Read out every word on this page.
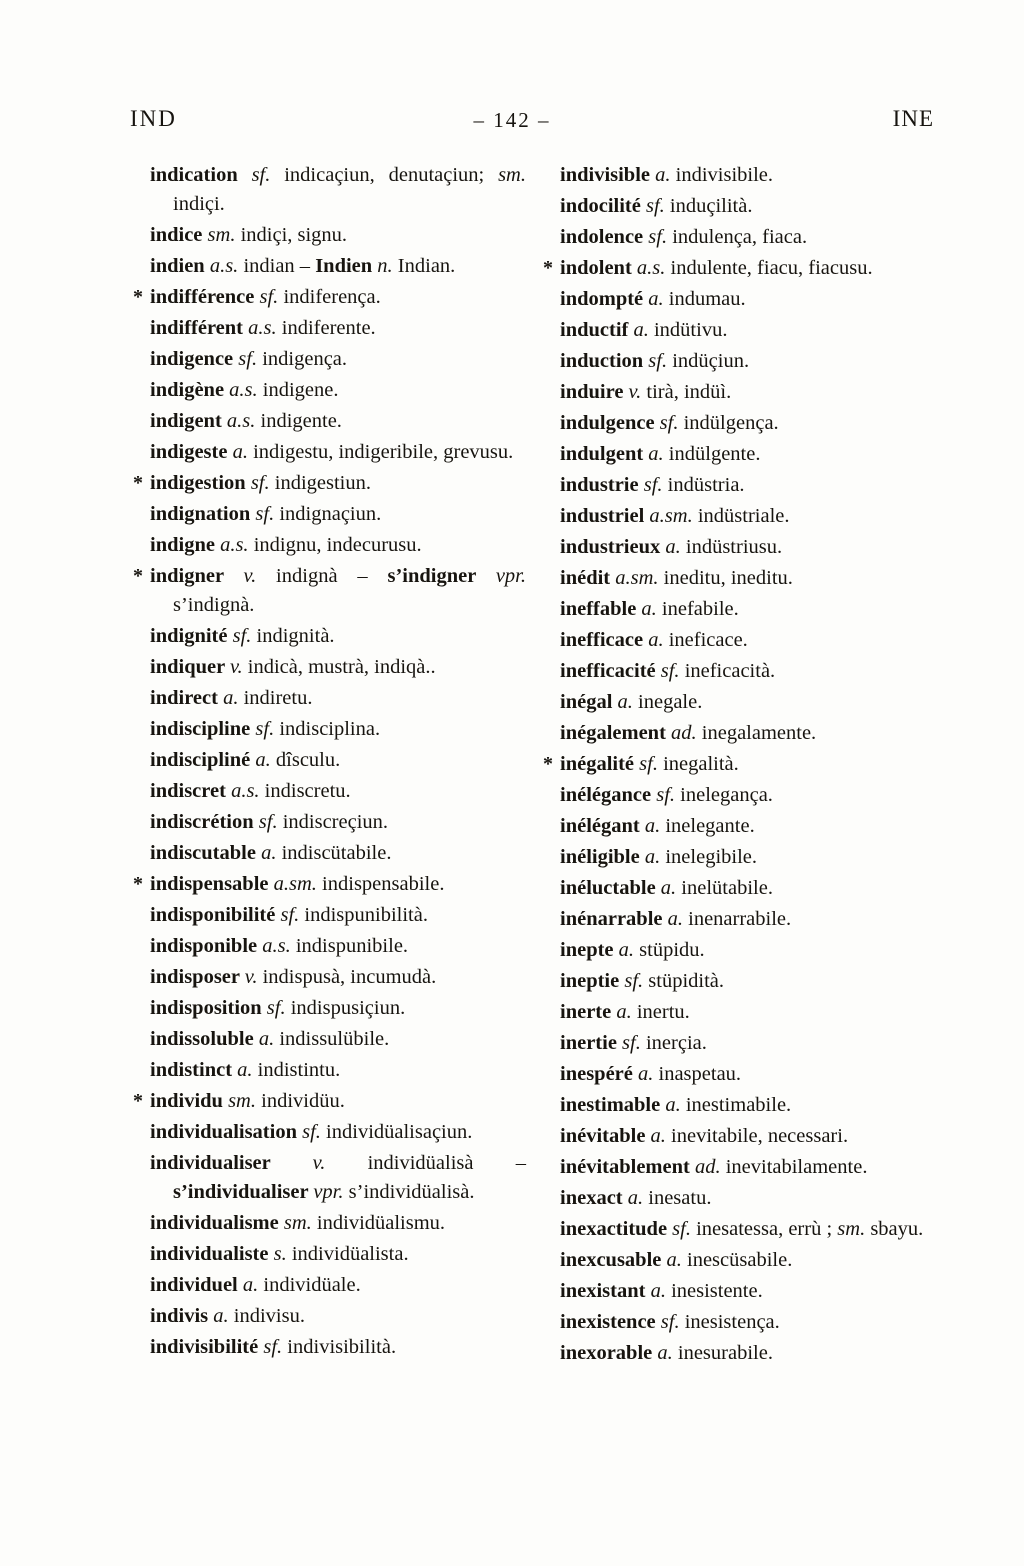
IND	– 142 –	INE

indication sf. indicaçiun, denutaçiun; sm. indiçi.

indice sm. indiçi, signu.

indien a.s. indian – Indien n. Indian.

* indifférence sf. indiferença.

indifférent a.s. indiferente.

indigence sf. indigença.

indigène a.s. indigene.

indigent a.s. indigente.

indigeste a. indigestu, indigeribile, grevusu.

* indigestion sf. indigestiun.

indignation sf. indignaçiun.

indigne a.s. indignu, indecurusu.

* indigner v. indignà – s’indigner vpr. s’indignà.

indignité sf. indignità.

indiquer v. indicà, mustrà, indiqà..

indirect a. indiretu.

indiscipline sf. indisciplina.

indiscipliné a. dîsculu.

indiscret a.s. indiscretu.

indiscrétion sf. indiscreçiun.

indiscutable a. indiscütabile.

* indispensable a.sm. indispensabile.

indisponibilité sf. indispunibilità.

indisponible a.s. indispunibile.

indisposer v. indispusà, incumudà.

indisposition sf. indispusiçiun.

indissoluble a. indissulübile.

indistinct a. indistintu.

* individu sm. individüu.

individualisation sf. individüalisaçiun.

individualiser v. individüalisà – s’individualiser vpr. s’individüalisà.

individualisme sm. individüalismu.

individualiste s. individüalista.

individuel a. individüale.

indivis a. indivisu.

indivisibilité sf. indivisibilità.

indivisible a. indivisibile.

indocilité sf. induçilità.

indolence sf. indulença, fiaca.

* indolent a.s. indulente, fiacu, fiacusu.

indompté a. indumau.

inductif a. indütivu.

induction sf. indüçiun.

induire v. tirà, indüì.

indulgence sf. indülgença.

indulgent a. indülgente.

industrie sf. indüstria.

industriel a.sm. indüstriale.

industrieux a. indüstriusu.

inédit a.sm. ineditu, ineditu.

ineffable a. inefabile.

inefficace a. ineficace.

inefficacité sf. ineficacità.

inégal a. inegale.

inégalement ad. inegalamente.

* inégalité sf. inegalità.

inélégance sf. inelegança.

inélégant a. inelegante.

inéligible a. inelegibile.

inéluctable a. inelütabile.

inénarrable a. inenarrabile.

inepte a. stüpidu.

ineptie sf. stüpidità.

inerte a. inertu.

inertie sf. inerçia.

inespéré a. inaspetau.

inestimable a. inestimabile.

inévitable a. inevitabile, necessari.

inévitablement ad. inevitabilamente.

inexact a. inesatu.

inexactitude sf. inesatessa, errù ; sm. sbayu.

inexcusable a. inescüsabile.

inexistant a. inesistente.

inexistence sf. inesistença.

inexorable a. inesurabile.
